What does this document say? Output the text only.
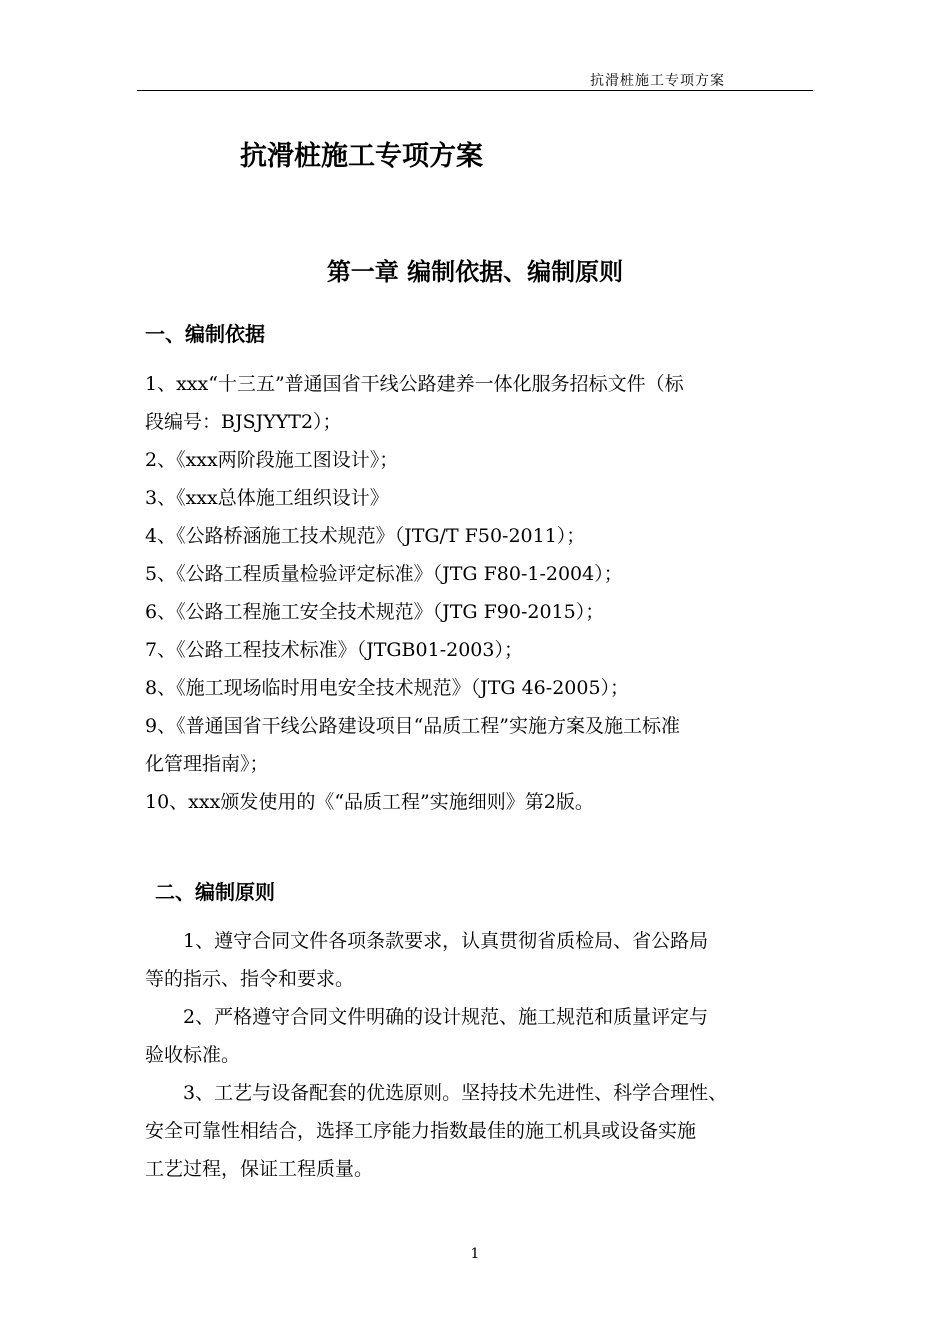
抗滑桩施工专项方案
抗滑桩施工专项方案
第一章 编制依据、编制原则
一、编制依据

1、xxx“十三五”普通国省干线公路建养一体化服务招标文件（标

段编号：BJSJYYT2）；

2、《xxx两阶段施工图设计》；

3、《xxx总体施工组织设计》

4、《公路桥涵施工技术规范》（JTG/T F50-2011）；

5、《公路工程质量检验评定标准》（JTG F80-1-2004）；

6、《公路工程施工安全技术规范》（JTG F90-2015）；

7、《公路工程技术标准》（JTGB01-2003）；

8、《施工现场临时用电安全技术规范》（JTG 46-2005）；

9、《普通国省干线公路建设项目“品质工程”实施方案及施工标准

化管理指南》；

10、xxx颁发使用的《“品质工程”实施细则》第2版。

二、编制原则

　　1、遵守合同文件各项条款要求，认真贯彻省质检局、省公路局

等的指示、指令和要求。

　　2、严格遵守合同文件明确的设计规范、施工规范和质量评定与

验收标准。

　　3、工艺与设备配套的优选原则。坚持技术先进性、科学合理性、

安全可靠性相结合，选择工序能力指数最佳的施工机具或设备实施

工艺过程，保证工程质量。

1
